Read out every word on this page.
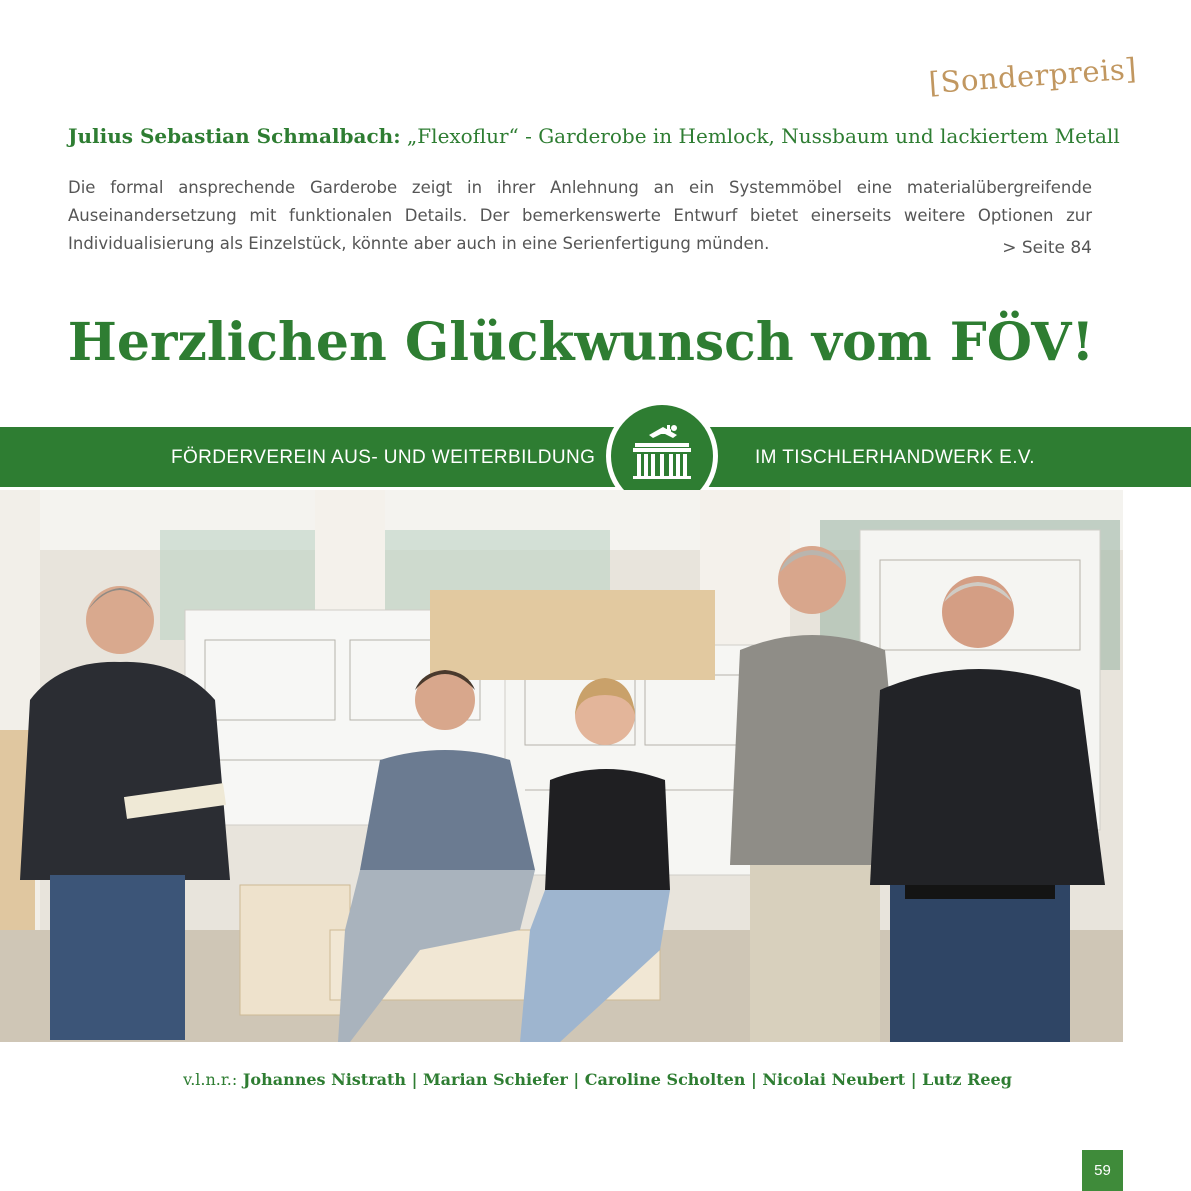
[Sonderpreis]
Julius Sebastian Schmalbach: „Flexoflur“ - Garderobe in Hemlock, Nussbaum und lackiertem Metall
Die formal ansprechende Garderobe zeigt in ihrer Anlehnung an ein Systemmöbel eine materialübergreifende Auseinandersetzung mit funktionalen Details. Der bemerkenswerte Entwurf bietet einerseits weitere Optionen zur Individualisierung als Einzelstück, könnte aber auch in eine Serienfertigung münden.	> Seite 84
Herzlichen Glückwunsch vom FÖV!
FÖRDERVEREIN AUS- UND WEITERBILDUNG	IM TISCHLERHANDWERK E.V.
v.l.n.r.: Johannes Nistrath | Marian Schiefer | Caroline Scholten | Nicolai Neubert | Lutz Reeg
59
